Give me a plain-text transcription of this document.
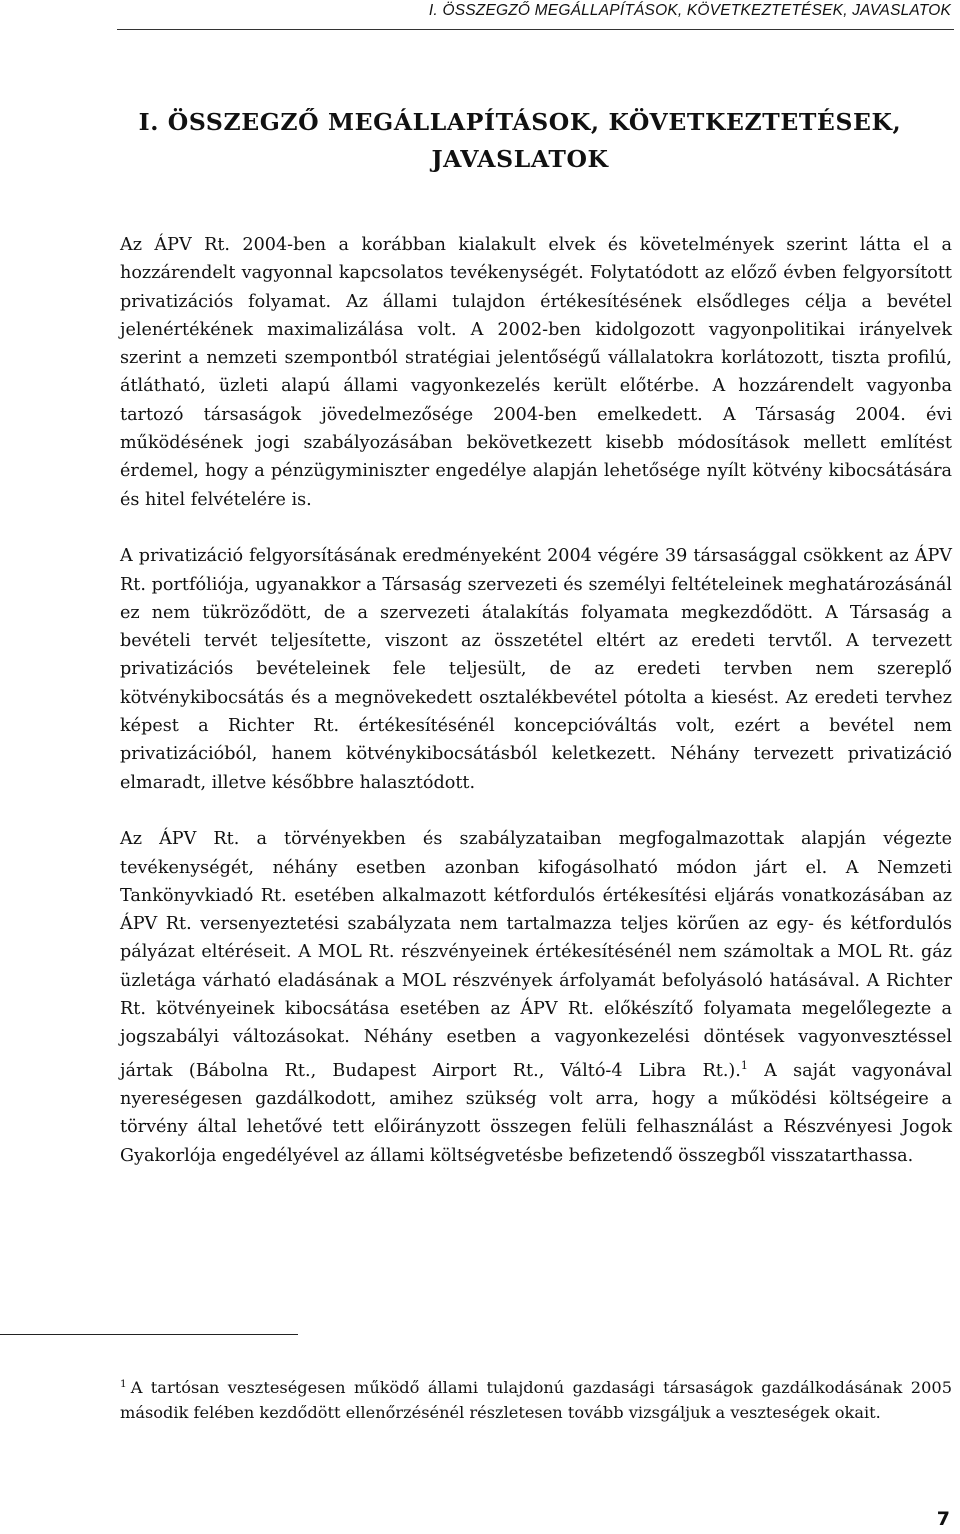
I. ÖSSZEGZŐ MEGÁLLAPÍTÁSOK, KÖVETKEZTETÉSEK, JAVASLATOK
I. ÖSSZEGZŐ MEGÁLLAPÍTÁSOK, KÖVETKEZTETÉSEK,
JAVASLATOK

Az ÁPV Rt. 2004-ben a korábban kialakult elvek és követelmények szerint látta el a hozzárendelt vagyonnal kapcsolatos tevékenységét. Folytatódott az előző évben felgyorsított privatizációs folyamat. Az állami tulajdon értékesítésének elsődleges célja a bevétel jelenértékének maximalizálása volt. A 2002-ben kidolgozott vagyonpolitikai irányelvek szerint a nemzeti szempontból stratégiai jelentőségű vállalatokra korlátozott, tiszta profilú, átlátható, üzleti alapú állami vagyonkezelés került előtérbe. A hozzárendelt vagyonba tartozó társaságok jövedelmezősége 2004-ben emelkedett. A Társaság 2004. évi működésének jogi szabályozásában bekövetkezett kisebb módosítások mellett említést érdemel, hogy a pénzügyminiszter engedélye alapján lehetősége nyílt kötvény kibocsátására és hitel felvételére is.

A privatizáció felgyorsításának eredményeként 2004 végére 39 társasággal csökkent az ÁPV Rt. portfóliója, ugyanakkor a Társaság szervezeti és személyi feltételeinek meghatározásánál ez nem tükröződött, de a szervezeti átalakítás folyamata megkezdődött. A Társaság a bevételi tervét teljesítette, viszont az összetétel eltért az eredeti tervtől. A tervezett privatizációs bevételeinek fele teljesült, de az eredeti tervben nem szereplő kötvénykibocsátás és a megnövekedett osztalékbevétel pótolta a kiesést. Az eredeti tervhez képest a Richter Rt. értékesítésénél koncepcióváltás volt, ezért a bevétel nem privatizációból, hanem kötvénykibocsátásból keletkezett. Néhány tervezett privatizáció elmaradt, illetve későbbre halasztódott.

Az ÁPV Rt. a törvényekben és szabályzataiban megfogalmazottak alapján végezte tevékenységét, néhány esetben azonban kifogásolható módon járt el. A Nemzeti Tankönyvkiadó Rt. esetében alkalmazott kétfordulós értékesítési eljárás vonatkozásában az ÁPV Rt. versenyeztetési szabályzata nem tartalmazza teljes körűen az egy- és kétfordulós pályázat eltéréseit. A MOL Rt. részvényeinek értékesítésénél nem számoltak a MOL Rt. gáz üzletága várható eladásának a MOL részvények árfolyamát befolyásoló hatásával. A Richter Rt. kötvényeinek kibocsátása esetében az ÁPV Rt. előkészítő folyamata megelőlegezte a jogszabályi változásokat. Néhány esetben a vagyonkezelési döntések vagyonvesztéssel jártak (Bábolna Rt., Budapest Airport Rt., Váltó-4 Libra Rt.).$^1$ A saját vagyonával nyereségesen gazdálkodott, amihez szükség volt arra, hogy a működési költségeire a törvény által lehetővé tett előirányzott összegen felüli felhasználást a Részvényesi Jogok Gyakorlója engedélyével az állami költségvetésbe befizetendő összegből visszatarthassa.

$^1$ A tartósan veszteségesen működő állami tulajdonú gazdasági társaságok gazdálkodásának 2005 második felében kezdődött ellenőrzésénél részletesen tovább vizsgáljuk a veszteségek okait.

7
